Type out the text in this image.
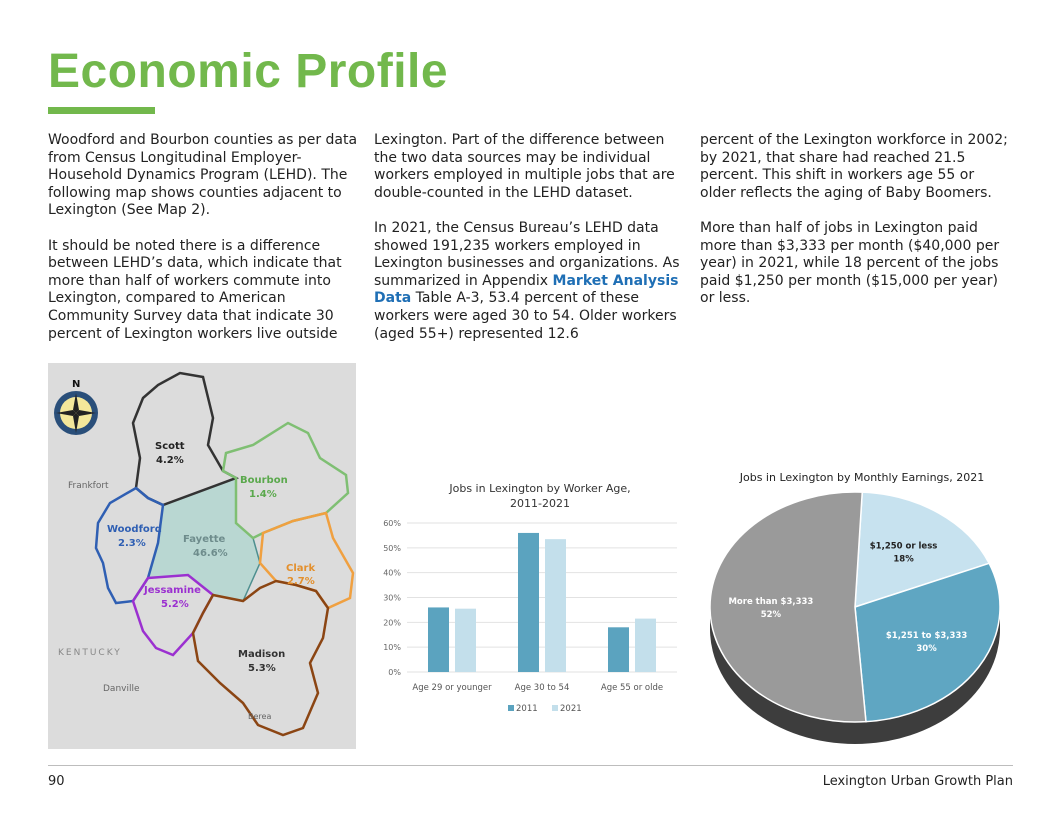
Economic Profile

Woodford and Bourbon counties as per data from Census Longitudinal Employer-Household Dynamics Program (LEHD). The following map shows counties adjacent to Lexington (See Map 2).

It should be noted there is a difference between LEHD’s data, which indicate that more than half of workers commute into Lexington, compared to American Community Survey data that indicate 30 percent of Lexington workers live outside

Lexington. Part of the difference between the two data sources may be individual workers employed in multiple jobs that are double-counted in the LEHD dataset.

In 2021, the Census Bureau’s LEHD data showed 191,235 workers employed in Lexington businesses and organizations. As summarized in Appendix Market Analysis Data Table A-3, 53.4 percent of these workers were aged 30 to 54. Older workers (aged 55+) represented 12.6

percent of the Lexington workforce in 2002; by 2021, that share had reached 21.5 percent. This shift in workers age 55 or older reflects the aging of Baby Boomers.

More than half of jobs in Lexington paid more than $3,333 per month ($40,000 per year) in 2021, while 18 percent of the jobs paid $1,250 per month ($15,000 per year) or less.

N
Scott
4.2%
Bourbon
1.4%
Woodford
2.3%	Fayette
46.6%
Clark
2.7%
Jessamine
5.2%
Madison
5.3%
Frankfort
KENTUCKY
Danville
Berea
Jobs in Lexington by Worker Age,
2011-2021
0%
10%
20%
30%
40%
50%
60%
Age 29 or younger	Age 30 to 54	Age 55 or olde
2011	2021
Jobs in Lexington by Monthly Earnings, 2021
$1,250 or less
18%
$1,251 to $3,333
30%
More than $3,333
52%
90	Lexington Urban Growth Plan
